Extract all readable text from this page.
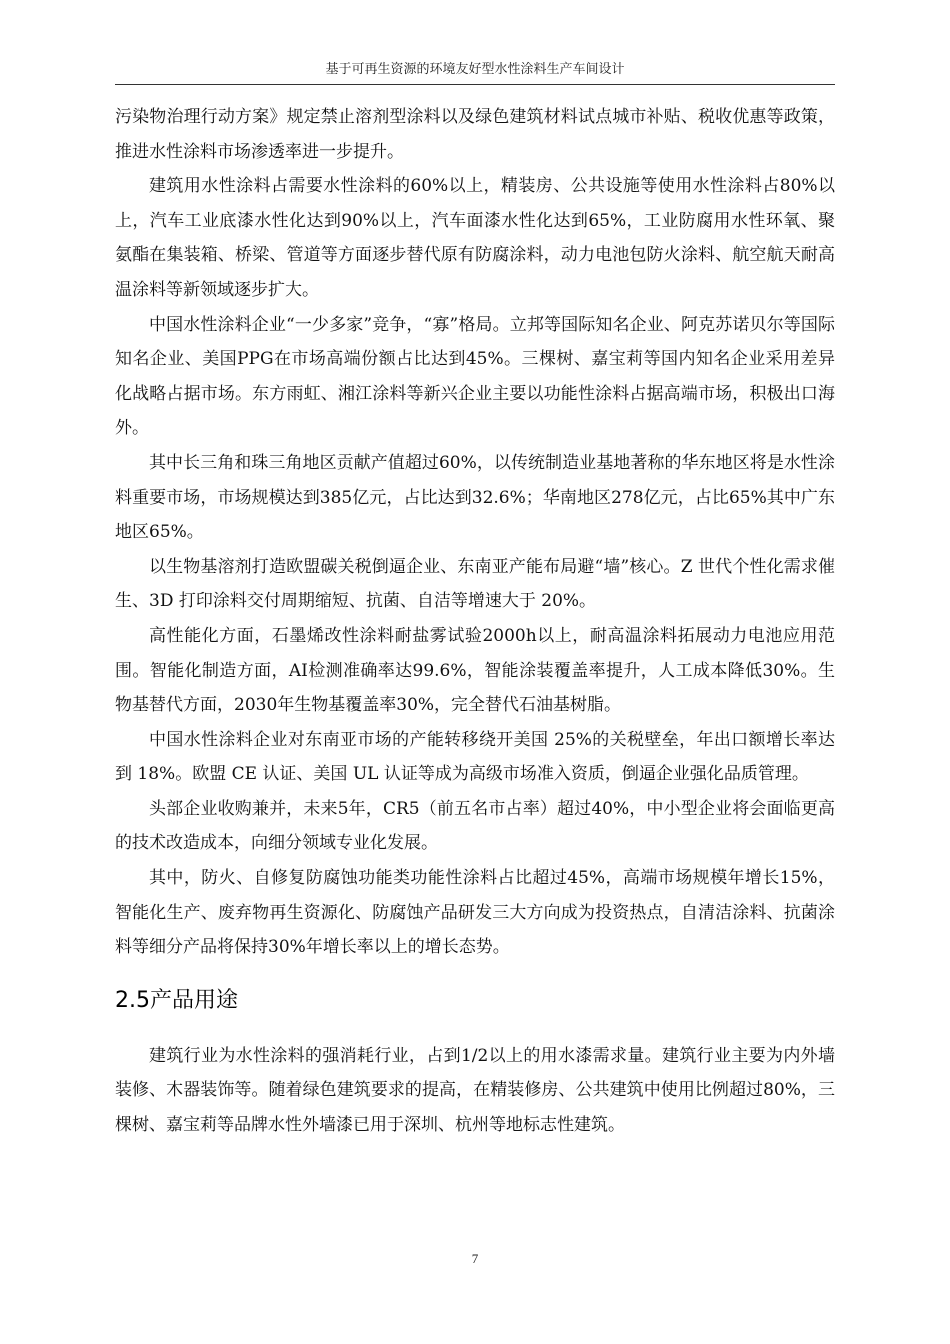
基于可再生资源的环境友好型水性涂料生产车间设计

污染物治理行动方案》规定禁止溶剂型涂料以及绿色建筑材料试点城市补贴、税收优惠等政策，推进水性涂料市场渗透率进一步提升。

建筑用水性涂料占需要水性涂料的60%以上，精装房、公共设施等使用水性涂料占80%以上，汽车工业底漆水性化达到90%以上，汽车面漆水性化达到65%，工业防腐用水性环氧、聚氨酯在集装箱、桥梁、管道等方面逐步替代原有防腐涂料，动力电池包防火涂料、航空航天耐高温涂料等新领域逐步扩大。

中国水性涂料企业“一少多家”竞争，“寡”格局。立邦等国际知名企业、阿克苏诺贝尔等国际知名企业、美国PPG在市场高端份额占比达到45%。三棵树、嘉宝莉等国内知名企业采用差异化战略占据市场。东方雨虹、湘江涂料等新兴企业主要以功能性涂料占据高端市场，积极出口海外。

其中长三角和珠三角地区贡献产值超过60%，以传统制造业基地著称的华东地区将是水性涂料重要市场，市场规模达到385亿元，占比达到32.6%；华南地区278亿元，占比65%其中广东地区65%。

以生物基溶剂打造欧盟碳关税倒逼企业、东南亚产能布局避“墙”核心。Z 世代个性化需求催生、3D 打印涂料交付周期缩短、抗菌、自洁等增速大于 20%。

高性能化方面，石墨烯改性涂料耐盐雾试验2000h以上，耐高温涂料拓展动力电池应用范围。智能化制造方面，AI检测准确率达99.6%，智能涂装覆盖率提升，人工成本降低30%。生物基替代方面，2030年生物基覆盖率30%，完全替代石油基树脂。

中国水性涂料企业对东南亚市场的产能转移绕开美国 25%的关税壁垒，年出口额增长率达到 18%。欧盟 CE 认证、美国 UL 认证等成为高级市场准入资质，倒逼企业强化品质管理。

头部企业收购兼并，未来5年，CR5（前五名市占率）超过40%，中小型企业将会面临更高的技术改造成本，向细分领域专业化发展。

其中，防火、自修复防腐蚀功能类功能性涂料占比超过45%，高端市场规模年增长15%，智能化生产、废弃物再生资源化、防腐蚀产品研发三大方向成为投资热点，自清洁涂料、抗菌涂料等细分产品将保持30%年增长率以上的增长态势。

2.5产品用途

建筑行业为水性涂料的强消耗行业，占到1/2以上的用水漆需求量。建筑行业主要为内外墙装修、木器装饰等。随着绿色建筑要求的提高，在精装修房、公共建筑中使用比例超过80%，三棵树、嘉宝莉等品牌水性外墙漆已用于深圳、杭州等地标志性建筑。

7
